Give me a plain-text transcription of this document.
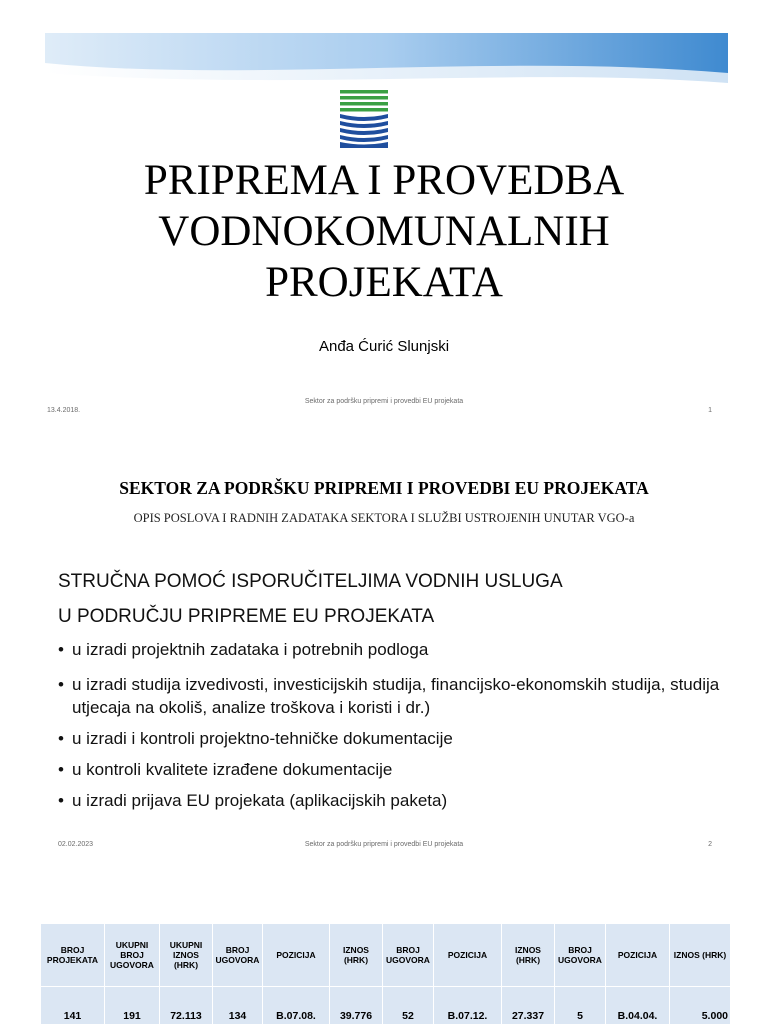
PRIPREMA I PROVEDBA
VODNOKOMUNALNIH
PROJEKATA
Anđa Ćurić Slunjski
Sektor za podršku pripremi i provedbi EU projekata
13.4.2018.	1
SEKTOR ZA PODRŠKU PRIPREMI I PROVEDBI EU PROJEKATA
OPIS POSLOVA I RADNIH ZADATAKA SEKTORA I SLUŽBI USTROJENIH UNUTAR VGO-a
STRUČNA POMOĆ ISPORUČITELJIMA VODNIH USLUGA
U PODRUČJU PRIPREME EU PROJEKATA
• u izradi projektnih zadataka i potrebnih podloga
• u izradi studija izvedivosti, investicijskih studija, financijsko-ekonomskih studija, studija utjecaja na okoliš, analize troškova i koristi i dr.)
• u izradi i kontroli projektno-tehničke dokumentacije
• u kontroli kvalitete izrađene dokumentacije
• u izradi prijava EU projekata (aplikacijskih paketa)
Sektor za podršku pripremi i provedbi EU projekata
02.02.2023	2
BROJ PROJEKATA	UKUPNI BROJ UGOVORA	UKUPNI IZNOS (HRK)	BROJ UGOVORA	POZICIJA	IZNOS (HRK)	BROJ UGOVORA	POZICIJA	IZNOS (HRK)	BROJ UGOVORA	POZICIJA	IZNOS (HRK)
141	191	72.113	134	B.07.08.	39.776	52	B.07.12.	27.337	5	B.04.04.	5.000
